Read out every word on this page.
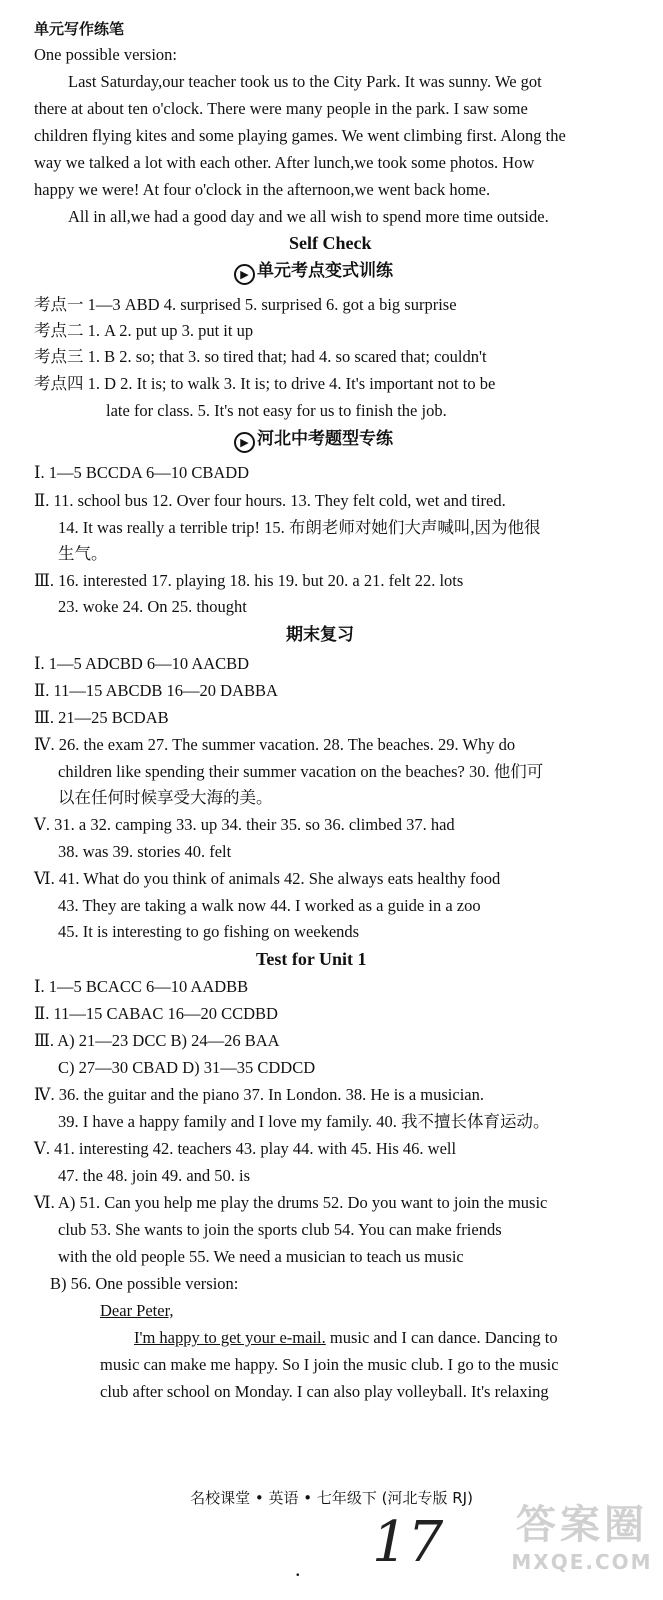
单元写作练笔
One possible version:
Last Saturday,our teacher took us to the City Park. It was sunny. We got
there at about ten o'clock. There were many people in the park. I saw some
children flying kites and some playing games. We went climbing first. Along the
way we talked a lot with each other. After lunch,we took some photos. How
happy we were! At four o'clock in the afternoon,we went back home.
All in all,we had a good day and we all wish to spend more time outside.
Self Check
▶ 单元考点变式训练
考点一 1—3 ABD 4. surprised 5. surprised 6. got a big surprise
考点二 1. A 2. put up 3. put it up
考点三 1. B 2. so; that 3. so tired that; had 4. so scared that; couldn't
考点四 1. D 2. It is; to walk 3. It is; to drive 4. It's important not to be
late for class. 5. It's not easy for us to finish the job.
▶ 河北中考题型专练
Ⅰ. 1—5 BCCDA 6—10 CBADD
Ⅱ. 11. school bus 12. Over four hours. 13. They felt cold, wet and tired.
14. It was really a terrible trip! 15. 布朗老师对她们大声喊叫,因为他很
生气。
Ⅲ. 16. interested 17. playing 18. his 19. but 20. a 21. felt 22. lots
23. woke 24. On 25. thought
期末复习
Ⅰ. 1—5 ADCBD 6—10 AACBD
Ⅱ. 11—15 ABCDB 16—20 DABBA
Ⅲ. 21—25 BCDAB
Ⅳ. 26. the exam 27. The summer vacation. 28. The beaches. 29. Why do
children like spending their summer vacation on the beaches? 30. 他们可
以在任何时候享受大海的美。
Ⅴ. 31. a 32. camping 33. up 34. their 35. so 36. climbed 37. had
38. was 39. stories 40. felt
Ⅵ. 41. What do you think of animals 42. She always eats healthy food
43. They are taking a walk now 44. I worked as a guide in a zoo
45. It is interesting to go fishing on weekends
Test for Unit 1
Ⅰ. 1—5 BCACC 6—10 AADBB
Ⅱ. 11—15 CABAC 16—20 CCDBD
Ⅲ. A) 21—23 DCC B) 24—26 BAA
C) 27—30 CBAD D) 31—35 CDDCD
Ⅳ. 36. the guitar and the piano 37. In London. 38. He is a musician.
39. I have a happy family and I love my family. 40. 我不擅长体育运动。
Ⅴ. 41. interesting 42. teachers 43. play 44. with 45. His 46. well
47. the 48. join 49. and 50. is
Ⅵ. A) 51. Can you help me play the drums 52. Do you want to join the music
club 53. She wants to join the sports club 54. You can make friends
with the old people 55. We need a musician to teach us music
B) 56. One possible version:
Dear Peter,
I'm happy to get your e-mail. music and I can dance. Dancing to
music can make me happy. So I join the music club. I go to the music
club after school on Monday. I can also play volleyball. It's relaxing
名校课堂 • 英语 • 七年级下 (河北专版 RJ)
. 17 答案圈
MXQE.COM
